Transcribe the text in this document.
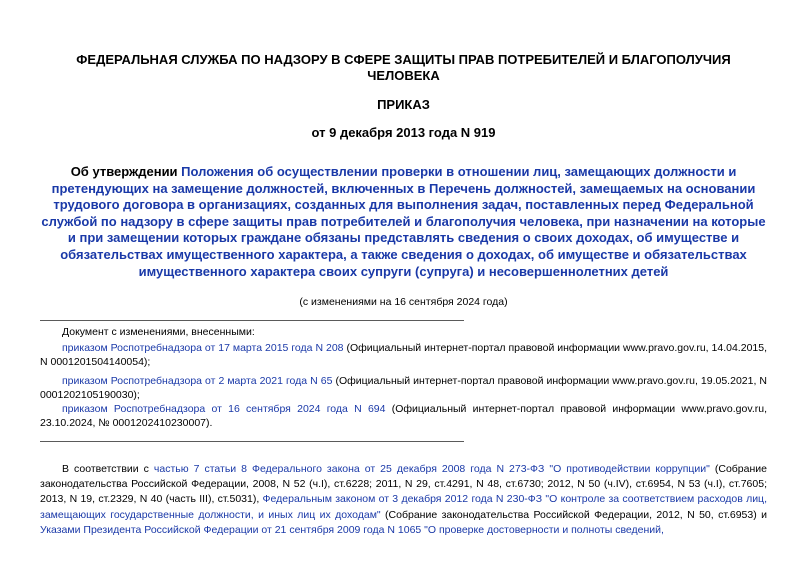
ФЕДЕРАЛЬНАЯ СЛУЖБА ПО НАДЗОРУ В СФЕРЕ ЗАЩИТЫ ПРАВ ПОТРЕБИТЕЛЕЙ И БЛАГОПОЛУЧИЯ ЧЕЛОВЕКА
ПРИКАЗ
от 9 декабря 2013 года N 919
Об утверждении Положения об осуществлении проверки в отношении лиц, замещающих должности и претендующих на замещение должностей, включенных в Перечень должностей, замещаемых на основании трудового договора в организациях, созданных для выполнения задач, поставленных перед Федеральной службой по надзору в сфере защиты прав потребителей и благополучия человека, при назначении на которые и при замещении которых граждане обязаны представлять сведения о своих доходах, об имуществе и обязательствах имущественного характера, а также сведения о доходах, об имуществе и обязательствах имущественного характера своих супруги (супруга) и несовершеннолетних детей
(с изменениями на 16 сентября 2024 года)
Документ с изменениями, внесенными:
приказом Роспотребнадзора от 17 марта 2015 года N 208 (Официальный интернет-портал правовой информации www.pravo.gov.ru, 14.04.2015, N 0001201504140054);
приказом Роспотребнадзора от 2 марта 2021 года N 65 (Официальный интернет-портал правовой информации www.pravo.gov.ru, 19.05.2021, N 0001202105190030);
приказом Роспотребнадзора от 16 сентября 2024 года N 694 (Официальный интернет-портал правовой информации www.pravo.gov.ru, 23.10.2024, № 0001202410230007).
В соответствии с частью 7 статьи 8 Федерального закона от 25 декабря 2008 года N 273-ФЗ "О противодействии коррупции" (Собрание законодательства Российской Федерации, 2008, N 52 (ч.I), ст.6228; 2011, N 29, ст.4291, N 48, ст.6730; 2012, N 50 (ч.IV), ст.6954, N 53 (ч.I), ст.7605; 2013, N 19, ст.2329, N 40 (часть III), ст.5031), Федеральным законом от 3 декабря 2012 года N 230-ФЗ "О контроле за соответствием расходов лиц, замещающих государственные должности, и иных лиц их доходам" (Собрание законодательства Российской Федерации, 2012, N 50, ст.6953) и Указами Президента Российской Федерации от 21 сентября 2009 года N 1065 "О проверке достоверности и полноты сведений,
